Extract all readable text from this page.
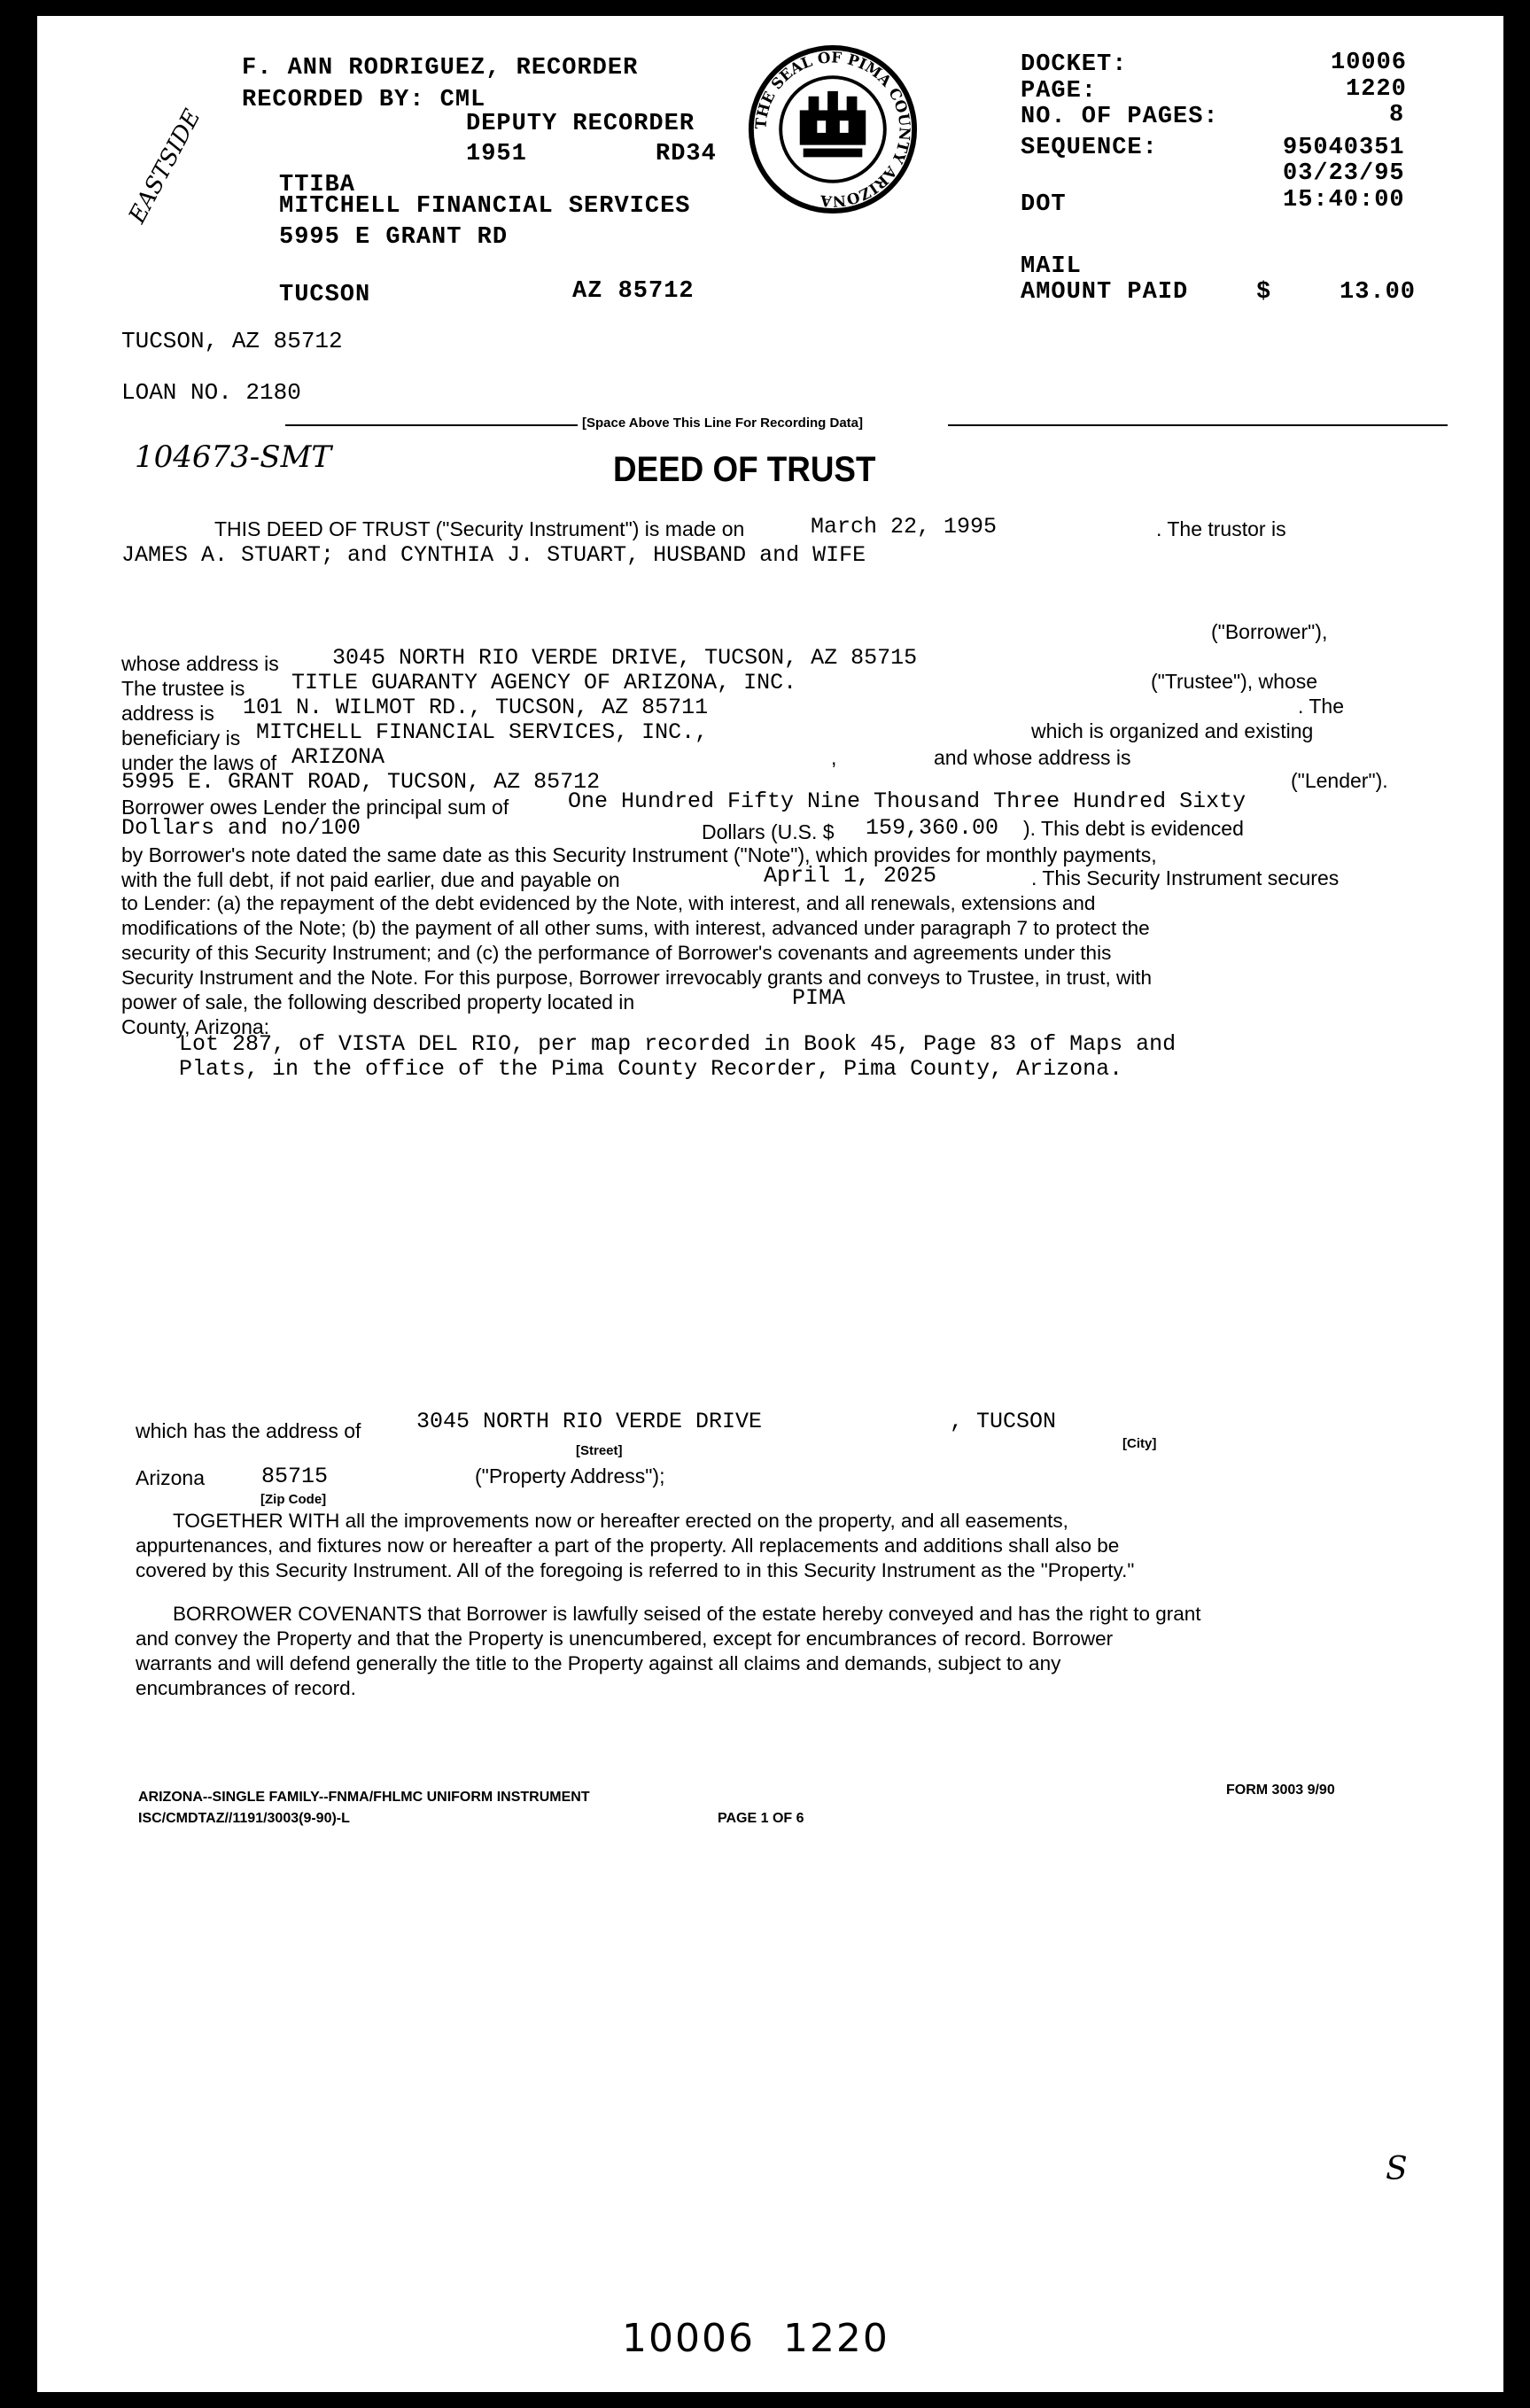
F. ANN RODRIGUEZ, RECORDER
RECORDED BY: CML
DEPUTY RECORDER
1951	RD34
TTIBA
MITCHELL FINANCIAL SERVICES
5995 E GRANT RD
TUCSON	AZ 85712
EASTSIDE	THE SEAL OF PIMA COUNTY ARIZONA
DOCKET:	10006
PAGE:	1220
NO. OF PAGES:	8
SEQUENCE:	95040351
03/23/95
DOT	15:40:00
MAIL
AMOUNT PAID	$	13.00
TUCSON, AZ 85712
LOAN NO. 2180
[Space Above This Line For Recording Data]
104673-SMT	DEED OF TRUST
THIS DEED OF TRUST ("Security Instrument") is made on	March 22, 1995	. The trustor is
JAMES A. STUART; and CYNTHIA J. STUART, HUSBAND and WIFE
("Borrower"),
whose address is 3045 NORTH RIO VERDE DRIVE, TUCSON, AZ 85715
The trustee is TITLE GUARANTY AGENCY OF ARIZONA, INC.	("Trustee"), whose
address is 101 N. WILMOT RD., TUCSON, AZ 85711	. The
beneficiary is MITCHELL FINANCIAL SERVICES, INC.,	which is organized and existing
under the laws of ARIZONA	,	and whose address is
5995 E. GRANT ROAD, TUCSON, AZ 85712	("Lender").
Borrower owes Lender the principal sum of	One Hundred Fifty Nine Thousand Three Hundred Sixty
Dollars and no/100	Dollars (U.S. $ 159,360.00 ). This debt is evidenced
by Borrower's note dated the same date as this Security Instrument ("Note"), which provides for monthly payments,
with the full debt, if not paid earlier, due and payable on	April 1, 2025	. This Security Instrument secures
to Lender: (a) the repayment of the debt evidenced by the Note, with interest, and all renewals, extensions and
modifications of the Note; (b) the payment of all other sums, with interest, advanced under paragraph 7 to protect the
security of this Security Instrument; and (c) the performance of Borrower's covenants and agreements under this
Security Instrument and the Note. For this purpose, Borrower irrevocably grants and conveys to Trustee, in trust, with
power of sale, the following described property located in	PIMA
County, Arizona:
Lot 287, of VISTA DEL RIO, per map recorded in Book 45, Page 83 of Maps and
Plats, in the office of the Pima County Recorder, Pima County, Arizona.
which has the address of	3045 NORTH RIO VERDE DRIVE	, TUCSON
[Street]	[City]
Arizona	85715	("Property Address");
[Zip Code]
TOGETHER WITH all the improvements now or hereafter erected on the property, and all easements,
appurtenances, and fixtures now or hereafter a part of the property. All replacements and additions shall also be
covered by this Security Instrument. All of the foregoing is referred to in this Security Instrument as the "Property."
BORROWER COVENANTS that Borrower is lawfully seised of the estate hereby conveyed and has the right to grant
and convey the Property and that the Property is unencumbered, except for encumbrances of record. Borrower
warrants and will defend generally the title to the Property against all claims and demands, subject to any
encumbrances of record.
ARIZONA--SINGLE FAMILY--FNMA/FHLMC UNIFORM INSTRUMENT
ISC/CMDTAZ//1191/3003(9-90)-L	PAGE 1 OF 6
FORM 3003 9/90
S
10006  1220
